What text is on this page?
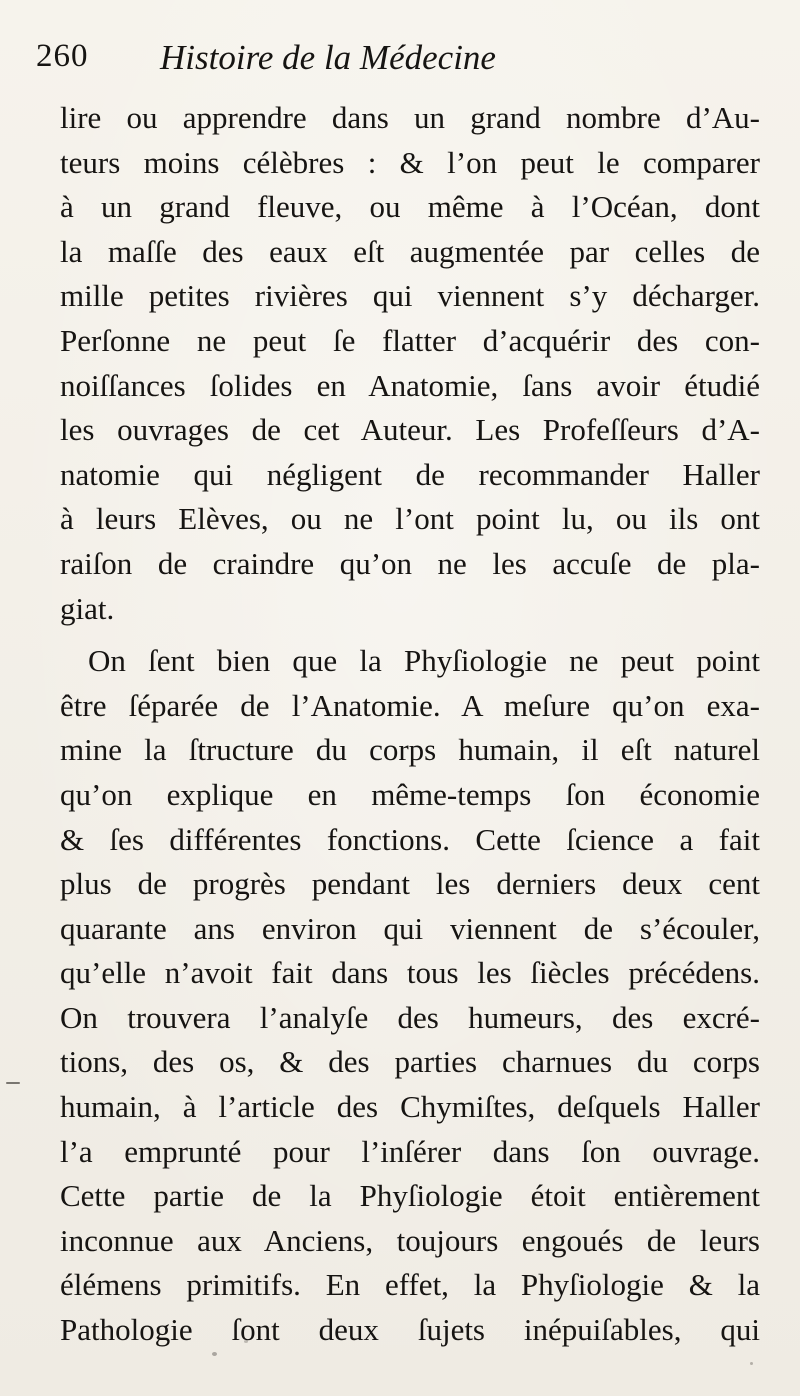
260 Histoire de la Médecine
lire ou apprendre dans un grand nombre d’Au-
teurs moins célèbres : & l’on peut le comparer
à un grand fleuve, ou même à l’Océan, dont
la maſſe des eaux eſt augmentée par celles de
mille petites rivières qui viennent s’y décharger.
Perſonne ne peut ſe flatter d’acquérir des con-
noiſſances ſolides en Anatomie, ſans avoir étudié
les ouvrages de cet Auteur. Les Profeſſeurs d’A-
natomie qui négligent de recommander Haller
à leurs Elèves, ou ne l’ont point lu, ou ils ont
raiſon de craindre qu’on ne les accuſe de pla-
giat.
On ſent bien que la Phyſiologie ne peut point
être ſéparée de l’Anatomie. A meſure qu’on exa-
mine la ſtructure du corps humain, il eſt naturel
qu’on explique en même-temps ſon économie
& ſes différentes fonctions. Cette ſcience a fait
plus de progrès pendant les derniers deux cent
quarante ans environ qui viennent de s’écouler,
qu’elle n’avoit fait dans tous les ſiècles précédens.
On trouvera l’analyſe des humeurs, des excré-
tions, des os, & des parties charnues du corps
humain, à l’article des Chymiſtes, deſquels Haller
l’a emprunté pour l’inſérer dans ſon ouvrage.
Cette partie de la Phyſiologie étoit entièrement
inconnue aux Anciens, toujours engoués de leurs
élémens primitifs. En effet, la Phyſiologie & la
Pathologie ſont deux ſujets inépuiſables, qui
